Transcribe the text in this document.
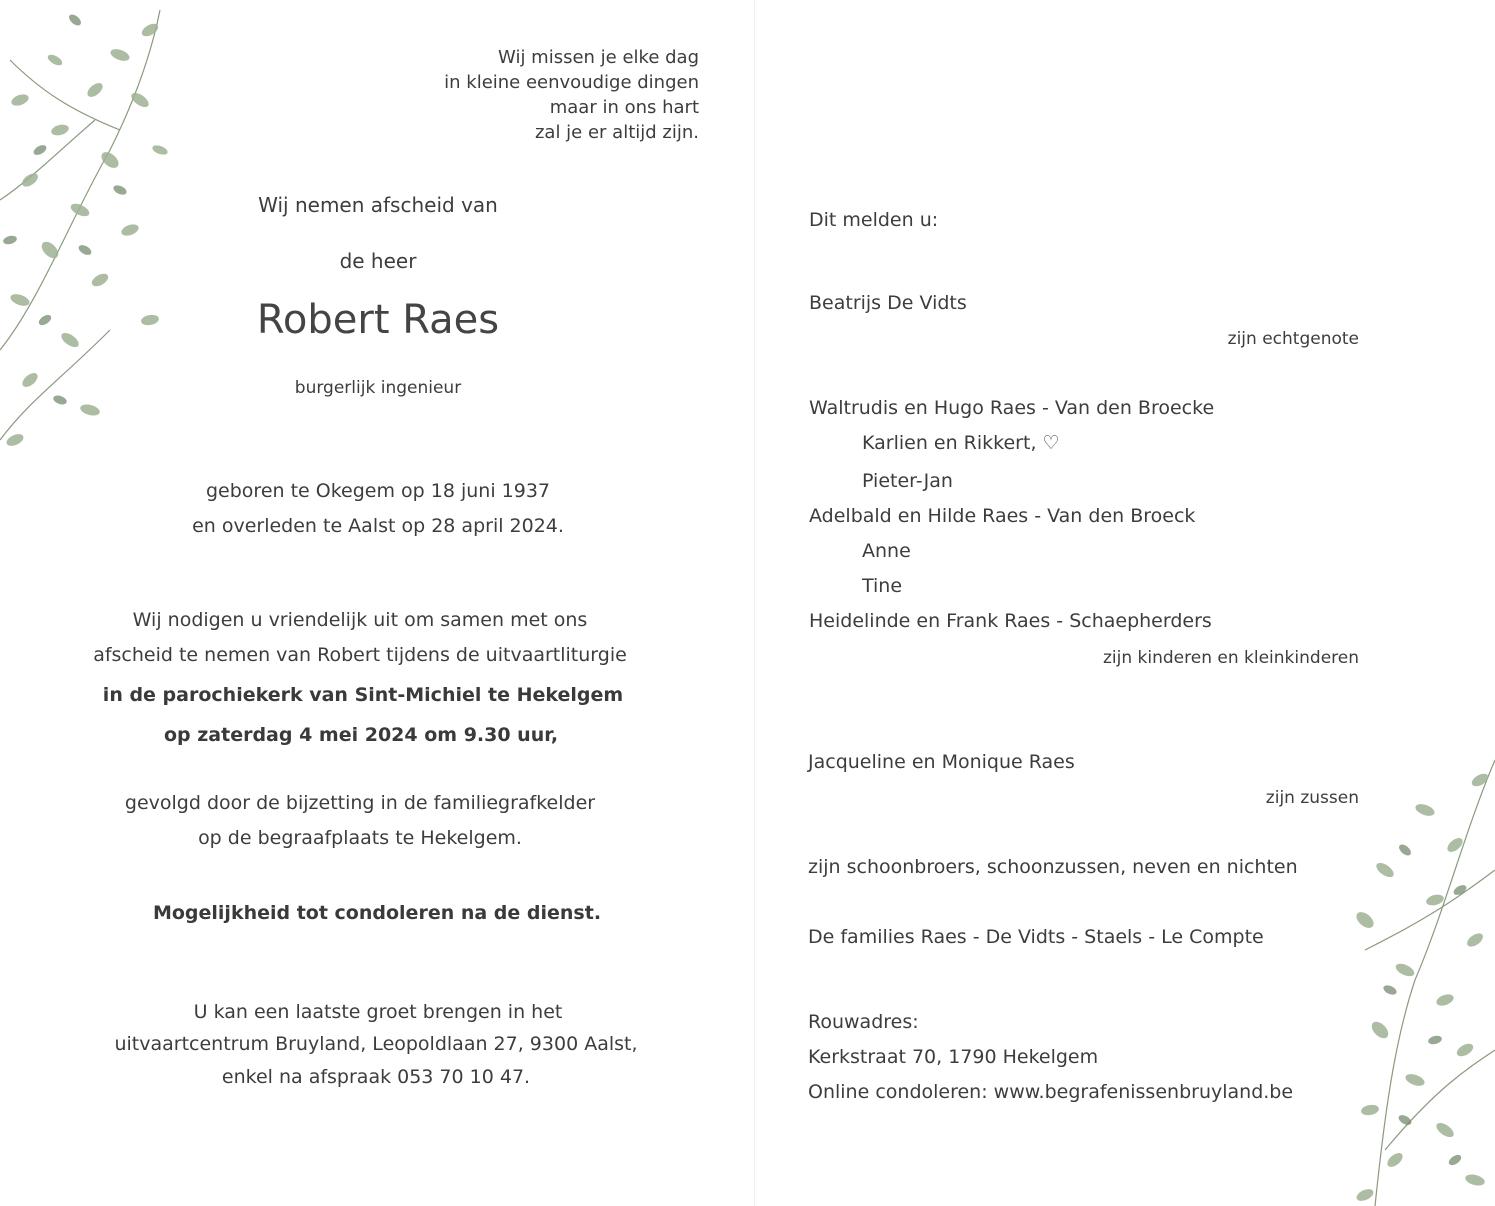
Wij missen je elke dag
in kleine eenvoudige dingen
maar in ons hart
zal je er altijd zijn.
Wij nemen afscheid van
de heer
Robert Raes
burgerlijk ingenieur
geboren te Okegem op 18 juni 1937
en overleden te Aalst op 28 april 2024.
Wij nodigen u vriendelijk uit om samen met ons
afscheid te nemen van Robert tijdens de uitvaartliturgie
in de parochiekerk van Sint-Michiel te Hekelgem
op zaterdag 4 mei 2024 om 9.30 uur,
gevolgd door de bijzetting in de familiegrafkelder
op de begraafplaats te Hekelgem.
Mogelijkheid tot condoleren na de dienst.
U kan een laatste groet brengen in het
uitvaartcentrum Bruyland, Leopoldlaan 27, 9300 Aalst,
enkel na afspraak 053 70 10 47.
Dit melden u:
Beatrijs De Vidts
zijn echtgenote
Waltrudis en Hugo Raes - Van den Broecke
Karlien en Rikkert, ♡
Pieter-Jan
Adelbald en Hilde Raes - Van den Broeck
Anne
Tine
Heidelinde en Frank Raes - Schaepherders
zijn kinderen en kleinkinderen
Jacqueline en Monique Raes
zijn zussen
zijn schoonbroers, schoonzussen, neven en nichten
De families Raes - De Vidts - Staels - Le Compte
Rouwadres:
Kerkstraat 70, 1790 Hekelgem
Online condoleren: www.begrafenissenbruyland.be
